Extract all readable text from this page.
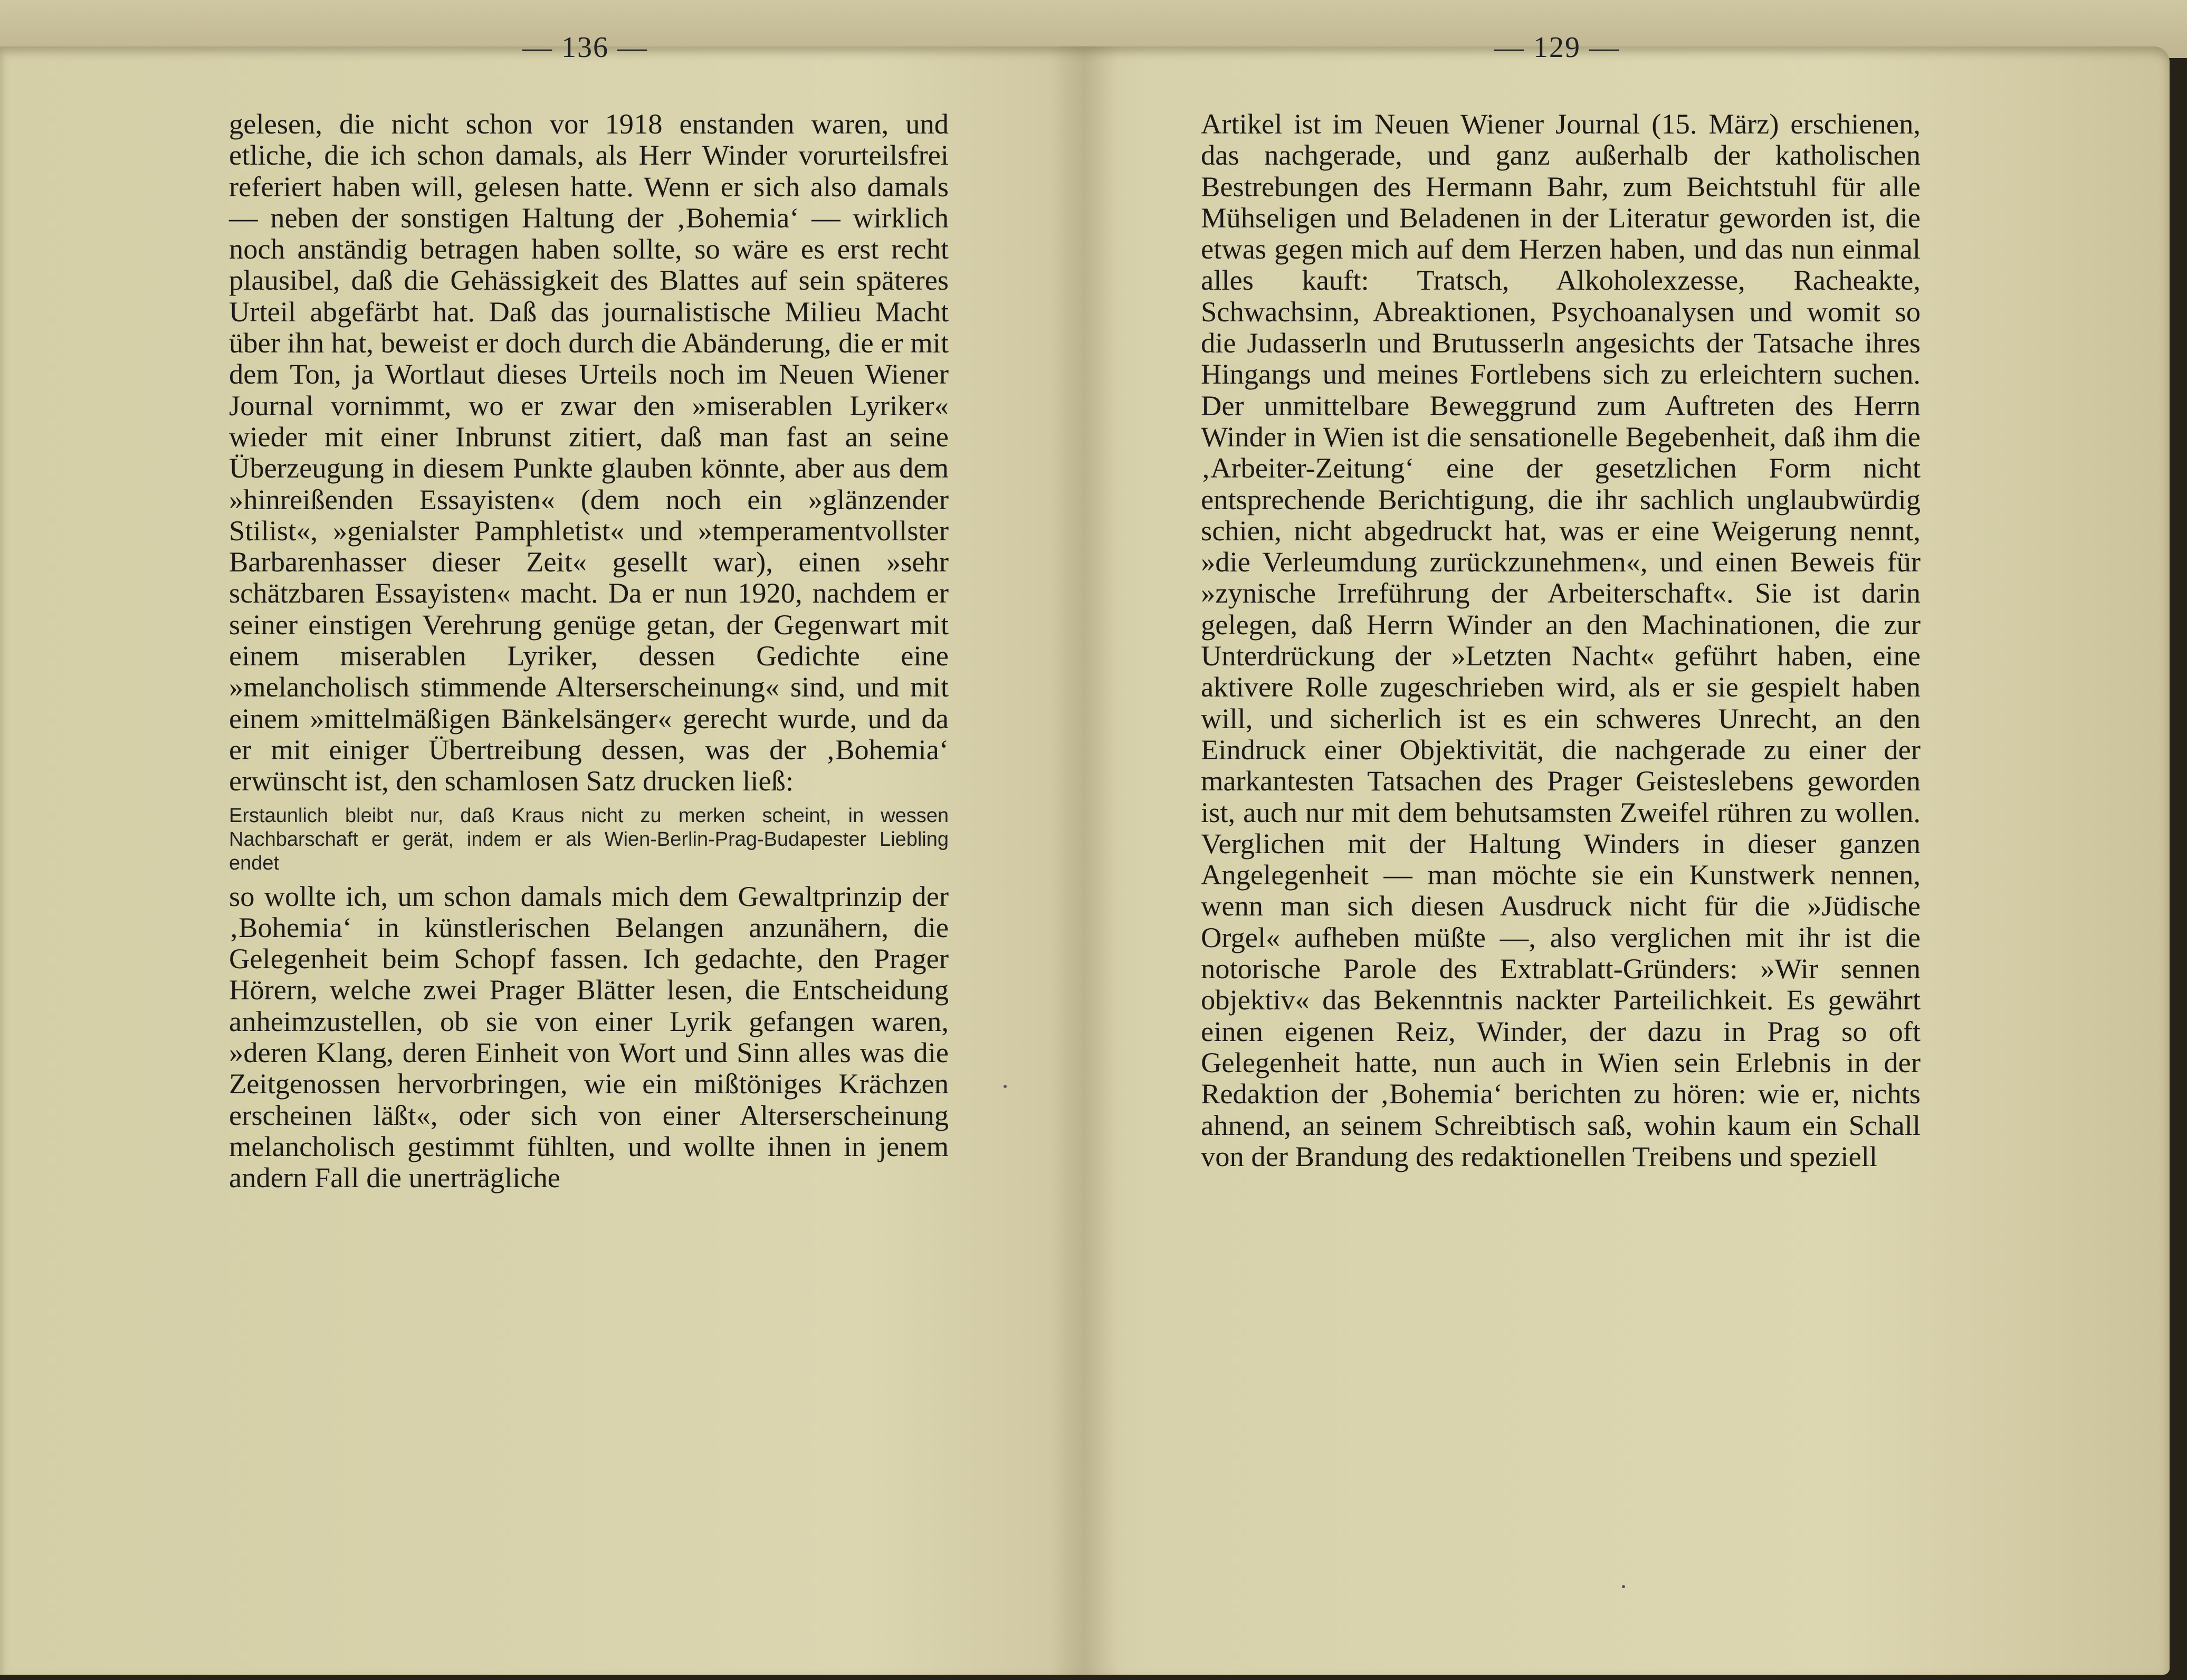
— 136 —	— 129 —

gelesen, die nicht schon vor 1918 enstanden waren, und etliche, die ich schon damals, als Herr Winder vorurteilsfrei referiert haben will, gelesen hatte. Wenn er sich also damals — neben der sonstigen Haltung der ‚Bohemia‘ — wirklich noch anständig betragen haben sollte, so wäre es erst recht plausibel, daß die Gehässigkeit des Blattes auf sein späteres Urteil abgefärbt hat. Daß das journalistische Milieu Macht über ihn hat, beweist er doch durch die Abänderung, die er mit dem Ton, ja Wortlaut dieses Urteils noch im Neuen Wiener Journal vornimmt, wo er zwar den »miserablen Lyriker« wieder mit einer Inbrunst zitiert, daß man fast an seine Überzeugung in diesem Punkte glauben könnte, aber aus dem »hinreißenden Essayisten« (dem noch ein »glänzender Stilist«, »genialster Pamphletist« und »temperamentvollster Barbarenhasser dieser Zeit« gesellt war), einen »sehr schätzbaren Essayisten« macht. Da er nun 1920, nachdem er seiner einstigen Verehrung genüge getan, der Gegenwart mit einem miserablen Lyriker, dessen Gedichte eine »melancholisch stimmende Alterserscheinung« sind, und mit einem »mittelmäßigen Bänkelsänger« gerecht wurde, und da er mit einiger Übertreibung dessen, was der ‚Bohemia‘ erwünscht ist, den schamlosen Satz drucken ließ:

Erstaunlich bleibt nur, daß Kraus nicht zu merken scheint, in wessen Nachbarschaft er gerät, indem er als Wien-Berlin-Prag-Budapester Liebling endet

so wollte ich, um schon damals mich dem Gewaltprinzip der ‚Bohemia‘ in künstlerischen Belangen anzunähern, die Gelegenheit beim Schopf fassen. Ich gedachte, den Prager Hörern, welche zwei Prager Blätter lesen, die Entscheidung anheimzustellen, ob sie von einer Lyrik gefangen waren, »deren Klang, deren Einheit von Wort und Sinn alles was die Zeitgenossen hervorbringen, wie ein mißtöniges Krächzen erscheinen läßt«, oder sich von einer Alterserscheinung melancholisch gestimmt fühlten, und wollte ihnen in jenem andern Fall die unerträgliche

Artikel ist im Neuen Wiener Journal (15. März) erschienen, das nachgerade, und ganz außerhalb der katholischen Bestrebungen des Hermann Bahr, zum Beichtstuhl für alle Mühseligen und Beladenen in der Literatur geworden ist, die etwas gegen mich auf dem Herzen haben, und das nun einmal alles kauft: Tratsch, Alkoholexzesse, Racheakte, Schwachsinn, Abreaktionen, Psychoanalysen und womit so die Judasserln und Brutusserln angesichts der Tatsache ihres Hingangs und meines Fortlebens sich zu erleichtern suchen. Der unmittelbare Beweggrund zum Auftreten des Herrn Winder in Wien ist die sensationelle Begebenheit, daß ihm die ‚Arbeiter-Zeitung‘ eine der gesetzlichen Form nicht entsprechende Berichtigung, die ihr sachlich unglaubwürdig schien, nicht abgedruckt hat, was er eine Weigerung nennt, »die Verleumdung zurückzunehmen«, und einen Beweis für »zynische Irreführung der Arbeiterschaft«. Sie ist darin gelegen, daß Herrn Winder an den Machinationen, die zur Unterdrückung der »Letzten Nacht« geführt haben, eine aktivere Rolle zugeschrieben wird, als er sie gespielt haben will, und sicherlich ist es ein schweres Unrecht, an den Eindruck einer Objektivität, die nachgerade zu einer der markantesten Tatsachen des Prager Geisteslebens geworden ist, auch nur mit dem behutsamsten Zweifel rühren zu wollen. Verglichen mit der Haltung Winders in dieser ganzen Angelegenheit — man möchte sie ein Kunstwerk nennen, wenn man sich diesen Ausdruck nicht für die »Jüdische Orgel« aufheben müßte —, also verglichen mit ihr ist die notorische Parole des Extrablatt-Gründers: »Wir sennen objektiv« das Bekenntnis nackter Parteilichkeit. Es gewährt einen eigenen Reiz, Winder, der dazu in Prag so oft Gelegenheit hatte, nun auch in Wien sein Erlebnis in der Redaktion der ‚Bohemia‘ berichten zu hören: wie er, nichts ahnend, an seinem Schreibtisch saß, wohin kaum ein Schall von der Brandung des redaktionellen Treibens und speziell
